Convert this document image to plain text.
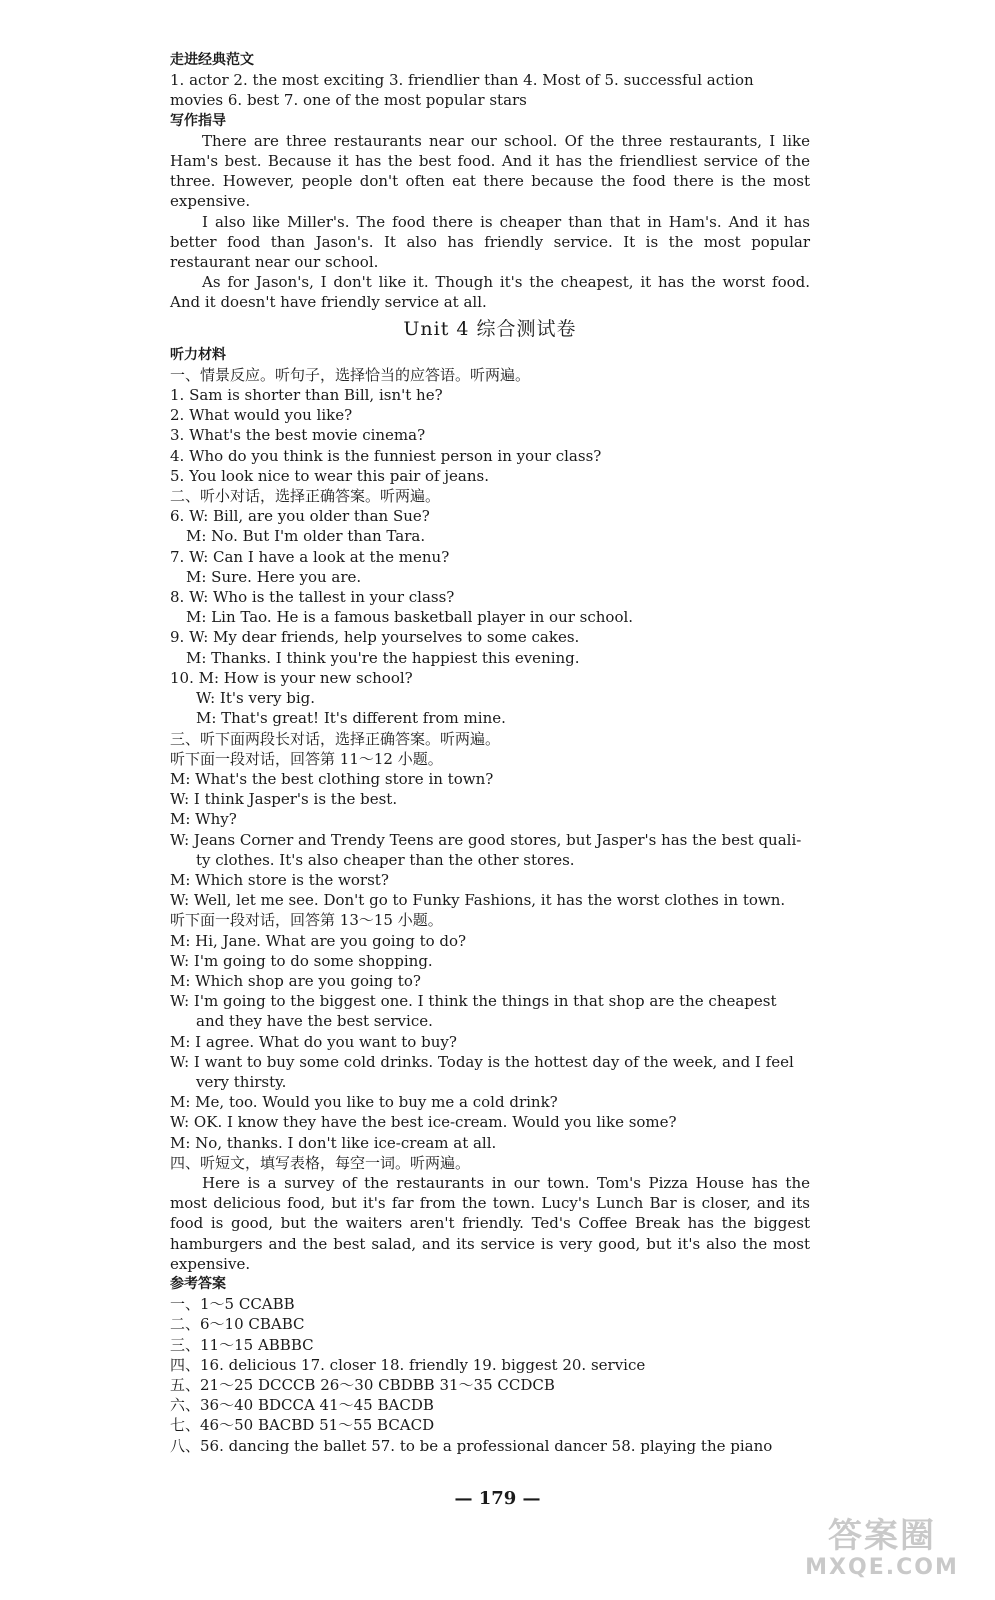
走进经典范文
1. actor 2. the most exciting 3. friendlier than 4. Most of 5. successful action
movies 6. best 7. one of the most popular stars
写作指导
There are three restaurants near our school. Of the three restaurants, I like Ham's best. Because it has the best food. And it has the friendliest service of the three. However, people don't often eat there because the food there is the most expensive.
I also like Miller's. The food there is cheaper than that in Ham's. And it has better food than Jason's. It also has friendly service. It is the most popular restaurant near our school.
As for Jason's, I don't like it. Though it's the cheapest, it has the worst food. And it doesn't have friendly service at all.
Unit 4 综合测试卷
听力材料
一、情景反应。听句子，选择恰当的应答语。听两遍。
1. Sam is shorter than Bill, isn't he?
2. What would you like?
3. What's the best movie cinema?
4. Who do you think is the funniest person in your class?
5. You look nice to wear this pair of jeans.
二、听小对话，选择正确答案。听两遍。
6. W: Bill, are you older than Sue?
M: No. But I'm older than Tara.
7. W: Can I have a look at the menu?
M: Sure. Here you are.
8. W: Who is the tallest in your class?
M: Lin Tao. He is a famous basketball player in our school.
9. W: My dear friends, help yourselves to some cakes.
M: Thanks. I think you're the happiest this evening.
10. M: How is your new school?
W: It's very big.
M: That's great! It's different from mine.
三、听下面两段长对话，选择正确答案。听两遍。
听下面一段对话，回答第 11～12 小题。
M: What's the best clothing store in town?
W: I think Jasper's is the best.
M: Why?
W: Jeans Corner and Trendy Teens are good stores, but Jasper's has the best quali-
ty clothes. It's also cheaper than the other stores.
M: Which store is the worst?
W: Well, let me see. Don't go to Funky Fashions, it has the worst clothes in town.
听下面一段对话，回答第 13～15 小题。
M: Hi, Jane. What are you going to do?
W: I'm going to do some shopping.
M: Which shop are you going to?
W: I'm going to the biggest one. I think the things in that shop are the cheapest
and they have the best service.
M: I agree. What do you want to buy?
W: I want to buy some cold drinks. Today is the hottest day of the week, and I feel
very thirsty.
M: Me, too. Would you like to buy me a cold drink?
W: OK. I know they have the best ice-cream. Would you like some?
M: No, thanks. I don't like ice-cream at all.
四、听短文，填写表格，每空一词。听两遍。
Here is a survey of the restaurants in our town. Tom's Pizza House has the most delicious food, but it's far from the town. Lucy's Lunch Bar is closer, and its food is good, but the waiters aren't friendly. Ted's Coffee Break has the biggest hamburgers and the best salad, and its service is very good, but it's also the most expensive.
参考答案
一、1～5 CCABB
二、6～10 CBABC
三、11～15 ABBBC
四、16. delicious 17. closer 18. friendly 19. biggest 20. service
五、21～25 DCCCB 26～30 CBDBB 31～35 CCDCB
六、36～40 BDCCA 41～45 BACDB
七、46～50 BACBD 51～55 BCACD
八、56. dancing the ballet 57. to be a professional dancer 58. playing the piano
— 179 —
答案圈
MXQE.COM
